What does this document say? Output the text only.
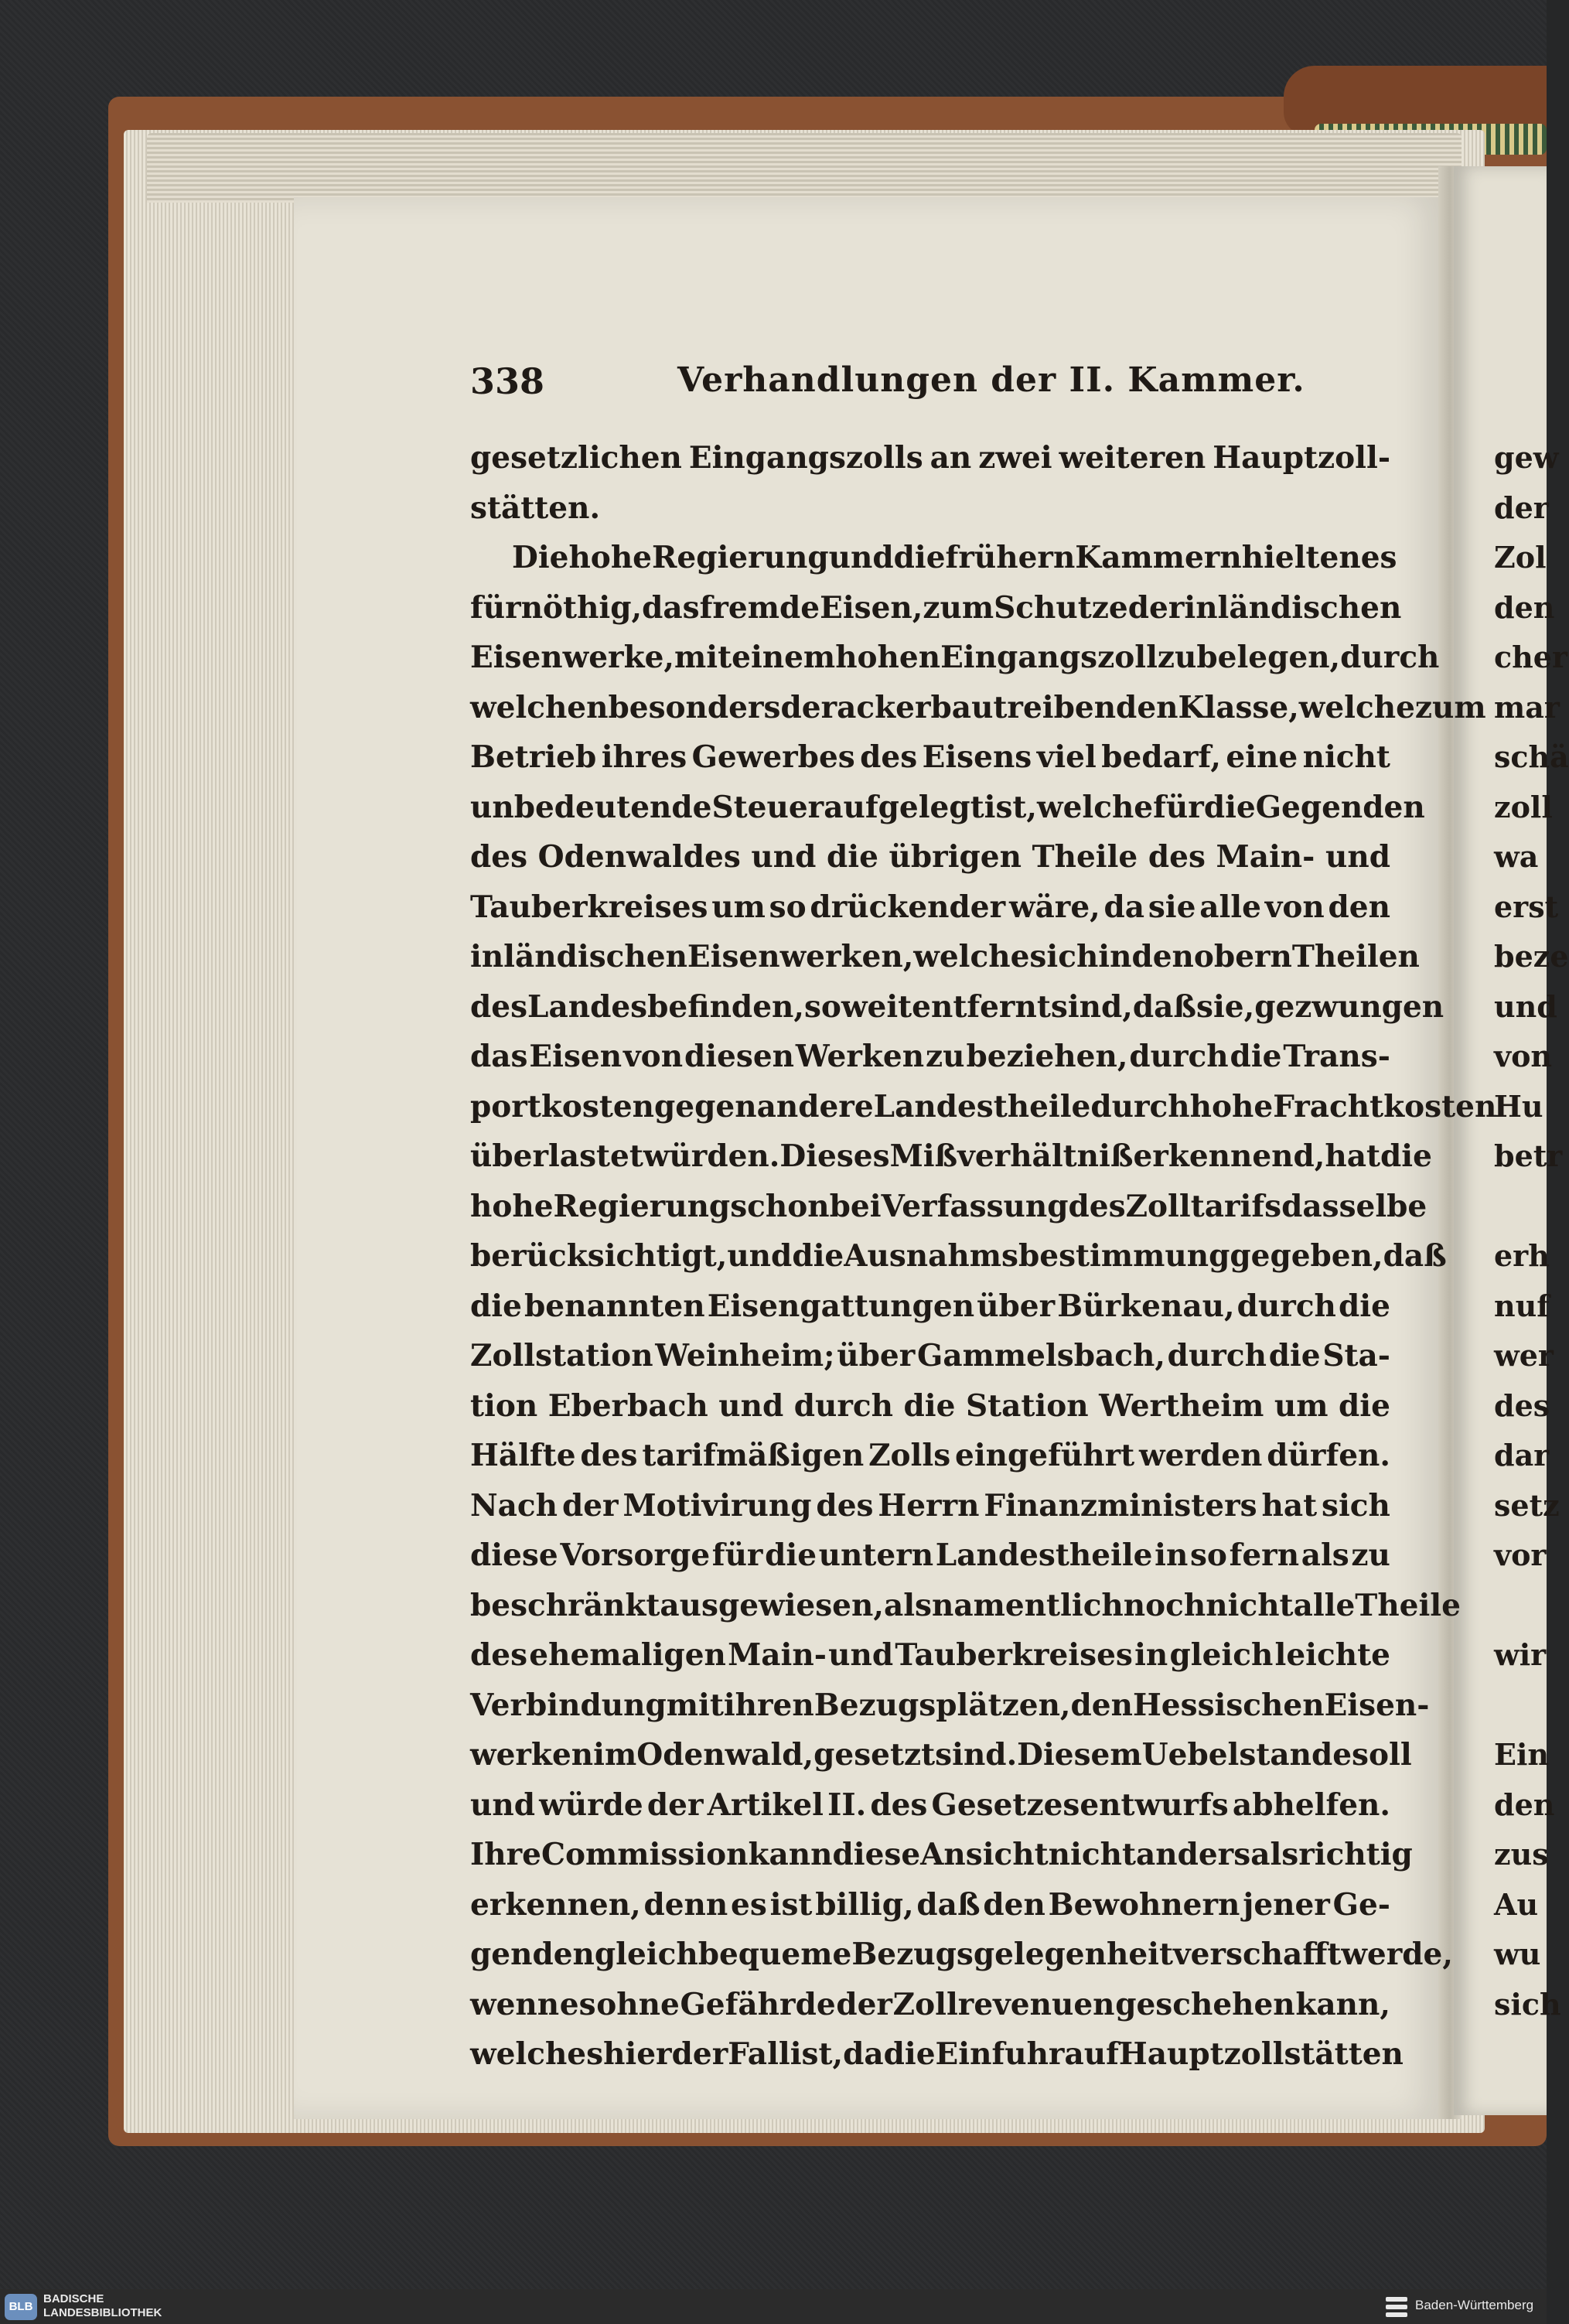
338	Verhandlungen der II. Kammer.
gesetzlichen Eingangszolls an zwei weiteren Hauptzoll-
stätten.
Die hohe Regierung und die frühern Kammern hielten es
für nöthig, das fremde Eisen, zum Schutze der inländischen
Eisenwerke, mit einem hohen Eingangszoll zu belegen, durch
welchen besonders der ackerbautreibenden Klasse, welche zum
Betrieb ihres Gewerbes des Eisens viel bedarf, eine nicht
unbedeutende Steuer aufgelegt ist, welche für die Gegenden
des Odenwaldes und die übrigen Theile des Main- und
Tauberkreises um so drückender wäre, da sie alle von den
inländischen Eisenwerken, welche sich in den obern Theilen
des Landes befinden, so weit entfernt sind, daß sie, gezwungen
das Eisen von diesen Werken zu beziehen, durch die Trans-
portkosten gegen andere Landestheile durch hohe Frachtkosten
überlastet würden. Dieses Mißverhältniß erkennend, hat die
hohe Regierung schon bei Verfassung des Zolltarifs dasselbe
berücksichtigt, und die Ausnahmsbestimmung gegeben, daß
die benannten Eisengattungen über Bürkenau, durch die
Zollstation Weinheim; über Gammelsbach, durch die Sta-
tion Eberbach und durch die Station Wertheim um die
Hälfte des tarifmäßigen Zolls eingeführt werden dürfen.
Nach der Motivirung des Herrn Finanzministers hat sich
diese Vorsorge für die untern Landestheile in so fern als zu
beschränkt ausgewiesen, als namentlich noch nicht alle Theile
des ehemaligen Main- und Tauberkreises in gleich leichte
Verbindung mit ihren Bezugsplätzen, den Hessischen Eisen-
werken im Odenwald, gesetzt sind. Diesem Uebelstande soll
und würde der Artikel II. des Gesetzesentwurfs abhelfen.
Ihre Commission kann diese Ansicht nicht anders als richtig
erkennen, denn es ist billig, daß den Bewohnern jener Ge-
genden gleich bequeme Bezugsgelegenheit verschafft werde,
wenn es ohne Gefährde der Zollrevenuen geschehen kann,
welches hier der Fall ist, da die Einfuhr auf Hauptzollstätten
gew
der
Zol
den
cher
mar
schä
zoll
wa
erst
beze
und
von
Hu
betr
erh
nuf
wer
des
dar
setz
vor
wir
Ein
den
zus
Au
wu
sich
BLB
BADISCHE
LANDESBIBLIOTHEK
Baden-Württemberg
